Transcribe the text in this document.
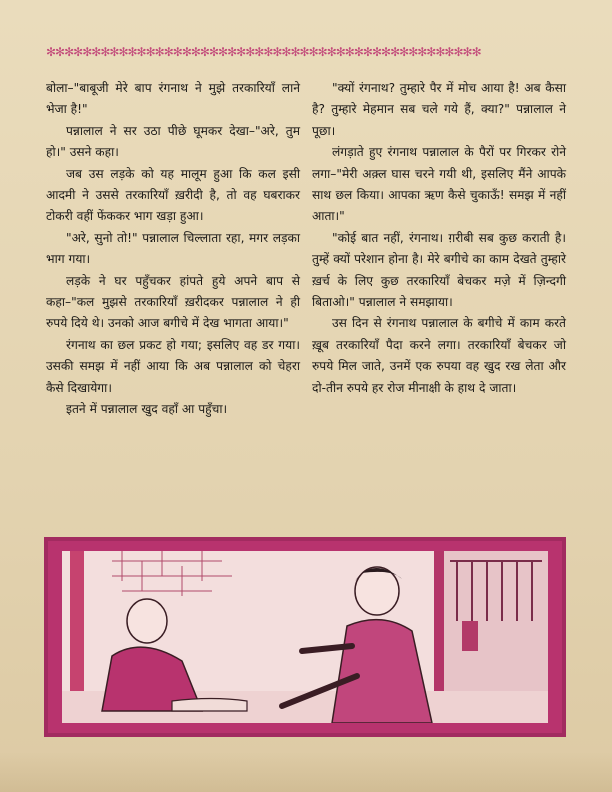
✻✻✻✻✻✻✻✻✻✻✻✻✻✻✻✻✻✻✻✻✻✻✻✻✻✻✻✻✻✻✻✻✻✻✻✻✻✻✻✻✻✻✻✻✻✻✻✻

बोला–"बाबूजी मेरे बाप रंगनाथ ने मुझे तरकारियाँ लाने भेजा है!"

पन्नालाल ने सर उठा पीछे घूमकर देखा–"अरे, तुम हो।" उसने कहा।

जब उस लड़के को यह मालूम हुआ कि कल इसी आदमी ने उससे तरकारियाँ ख़रीदी है, तो वह घबराकर टोकरी वहीं फेंककर भाग खड़ा हुआ।

"अरे, सुनो तो!" पन्नालाल चिल्लाता रहा, मगर लड़का भाग गया।

लड़के ने घर पहुँचकर हांपते हुये अपने बाप से कहा–"कल मुझसे तरकारियाँ ख़रीदकर पन्नालाल ने ही रुपये दिये थे। उनको आज बगीचे में देख भागता आया।"

रंगनाथ का छल प्रकट हो गया; इसलिए वह डर गया। उसकी समझ में नहीं आया कि अब पन्नालाल को चेहरा कैसे दिखायेगा।

इतने में पन्नालाल खुद वहाँ आ पहुँचा।

"क्यों रंगनाथ? तुम्हारे पैर में मोच आया है! अब कैसा है? तुम्हारे मेहमान सब चले गये हैं, क्या?" पन्नालाल ने पूछा।

लंगड़ाते हुए रंगनाथ पन्नालाल के पैरों पर गिरकर रोने लगा–"मेरी अक़्ल घास चरने गयी थी, इसलिए मैंने आपके साथ छल किया। आपका ऋण कैसे चुकाऊँ! समझ में नहीं आता।"

"कोई बात नहीं, रंगनाथ। ग़रीबी सब कुछ कराती है। तुम्हें क्यों परेशान होना है। मेरे बगीचे का काम देखते तुम्हारे ख़र्च के लिए कुछ तरकारियाँ बेचकर मज़े में ज़िन्दगी बिताओ।" पन्नालाल ने समझाया।

उस दिन से रंगनाथ पन्नालाल के बगीचे में काम करते ख़ूब तरकारियाँ पैदा करने लगा। तरकारियाँ बेचकर जो रुपये मिल जाते, उनमें एक रुपया वह खुद रख लेता और दो-तीन रुपये हर रोज मीनाक्षी के हाथ दे जाता।
